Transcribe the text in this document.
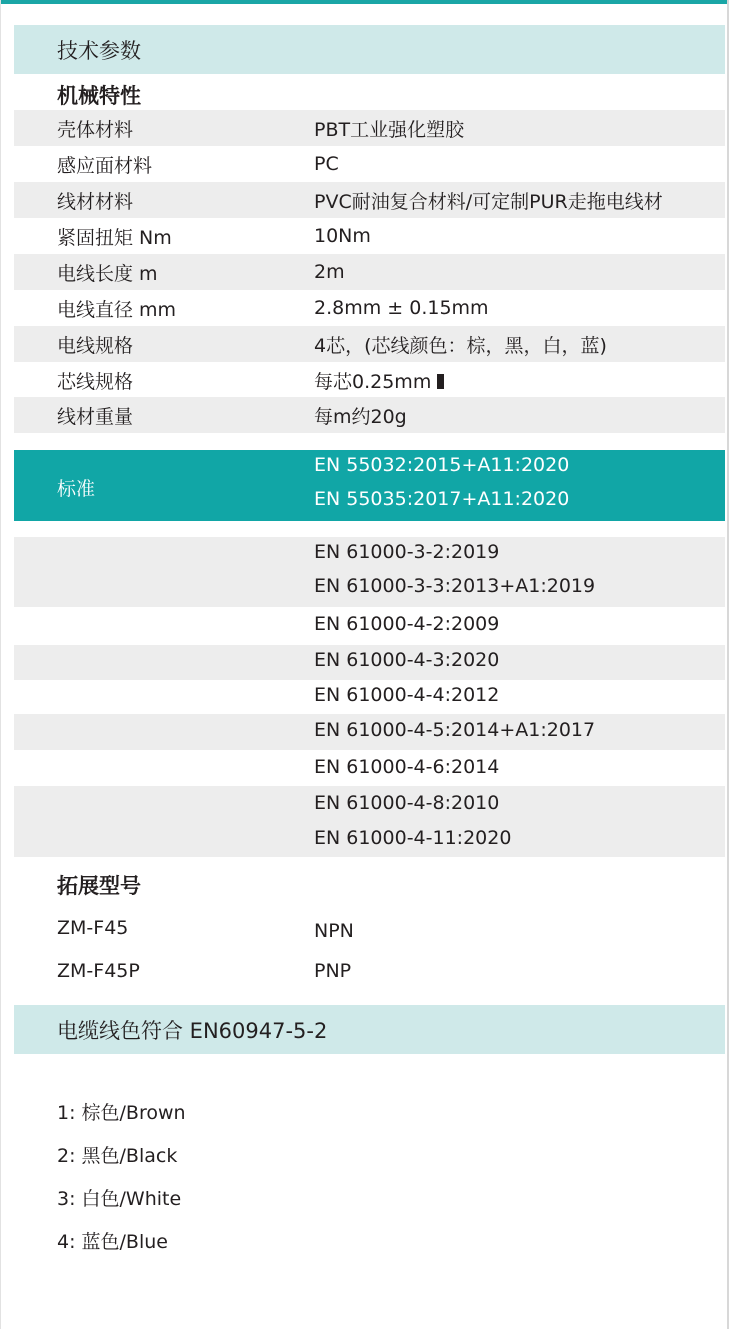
技术参数
机械特性
壳体材料	PBT工业强化塑胶
感应面材料	PC
线材材料	PVC耐油复合材料/可定制PUR走拖电线材
紧固扭矩 Nm	10Nm
电线长度 m	2m
电线直径 mm	2.8mm ± 0.15mm
电线规格	4芯，(芯线颜色：棕，黑，白，蓝)
芯线规格	每芯0.25mm
线材重量	每m约20g
标准
EN 55032:2015+A11:2020
EN 55035:2017+A11:2020
EN 61000-3-2:2019
EN 61000-3-3:2013+A1:2019
EN 61000-4-2:2009
EN 61000-4-3:2020
EN 61000-4-4:2012
EN 61000-4-5:2014+A1:2017
EN 61000-4-6:2014
EN 61000-4-8:2010
EN 61000-4-11:2020
拓展型号
ZM-F45	NPN
ZM-F45P	PNP
电缆线色符合 EN60947-5-2
1: 棕色/Brown
2: 黑色/Black
3: 白色/White
4: 蓝色/Blue
